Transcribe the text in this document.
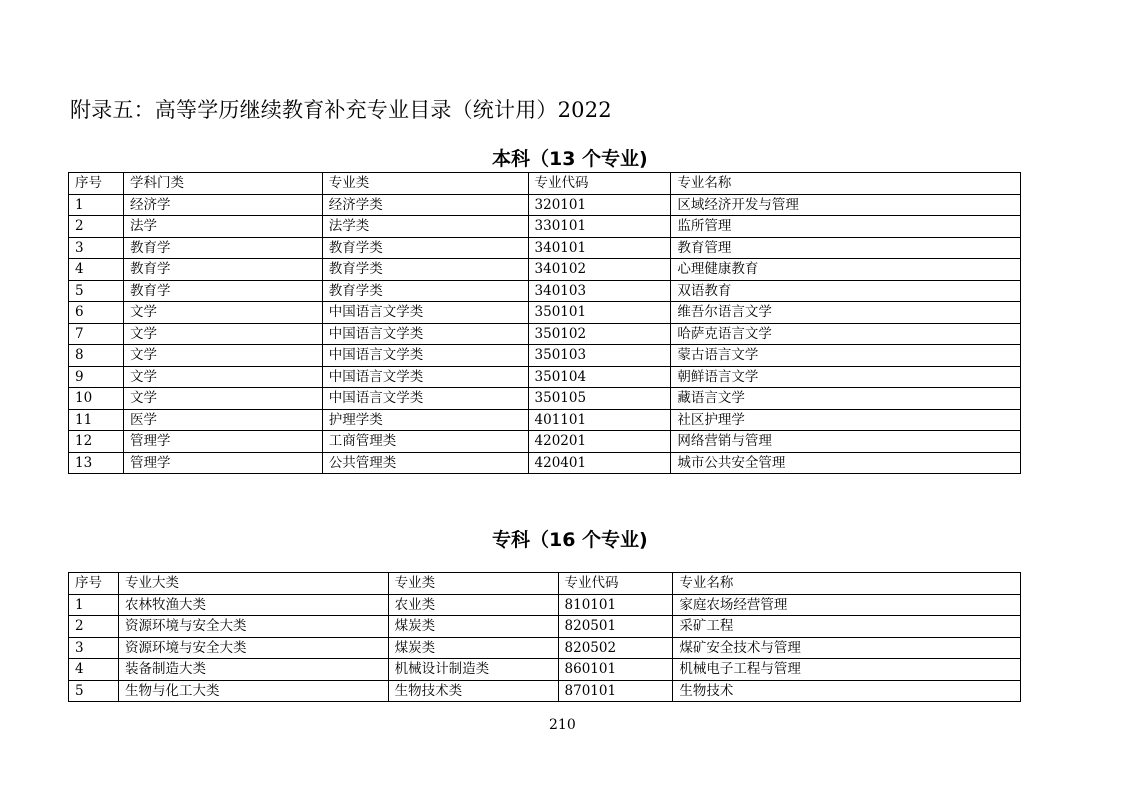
附录五：高等学历继续教育补充专业目录（统计用）2022
本科（13 个专业)
序号	学科门类	专业类	专业代码	专业名称
1	经济学	经济学类	320101	区域经济开发与管理
2	法学	法学类	330101	监所管理
3	教育学	教育学类	340101	教育管理
4	教育学	教育学类	340102	心理健康教育
5	教育学	教育学类	340103	双语教育
6	文学	中国语言文学类	350101	维吾尔语言文学
7	文学	中国语言文学类	350102	哈萨克语言文学
8	文学	中国语言文学类	350103	蒙古语言文学
9	文学	中国语言文学类	350104	朝鲜语言文学
10	文学	中国语言文学类	350105	藏语言文学
11	医学	护理学类	401101	社区护理学
12	管理学	工商管理类	420201	网络营销与管理
13	管理学	公共管理类	420401	城市公共安全管理
专科（16 个专业)
序号	专业大类	专业类	专业代码	专业名称
1	农林牧渔大类	农业类	810101	家庭农场经营管理
2	资源环境与安全大类	煤炭类	820501	采矿工程
3	资源环境与安全大类	煤炭类	820502	煤矿安全技术与管理
4	装备制造大类	机械设计制造类	860101	机械电子工程与管理
5	生物与化工大类	生物技术类	870101	生物技术
210
